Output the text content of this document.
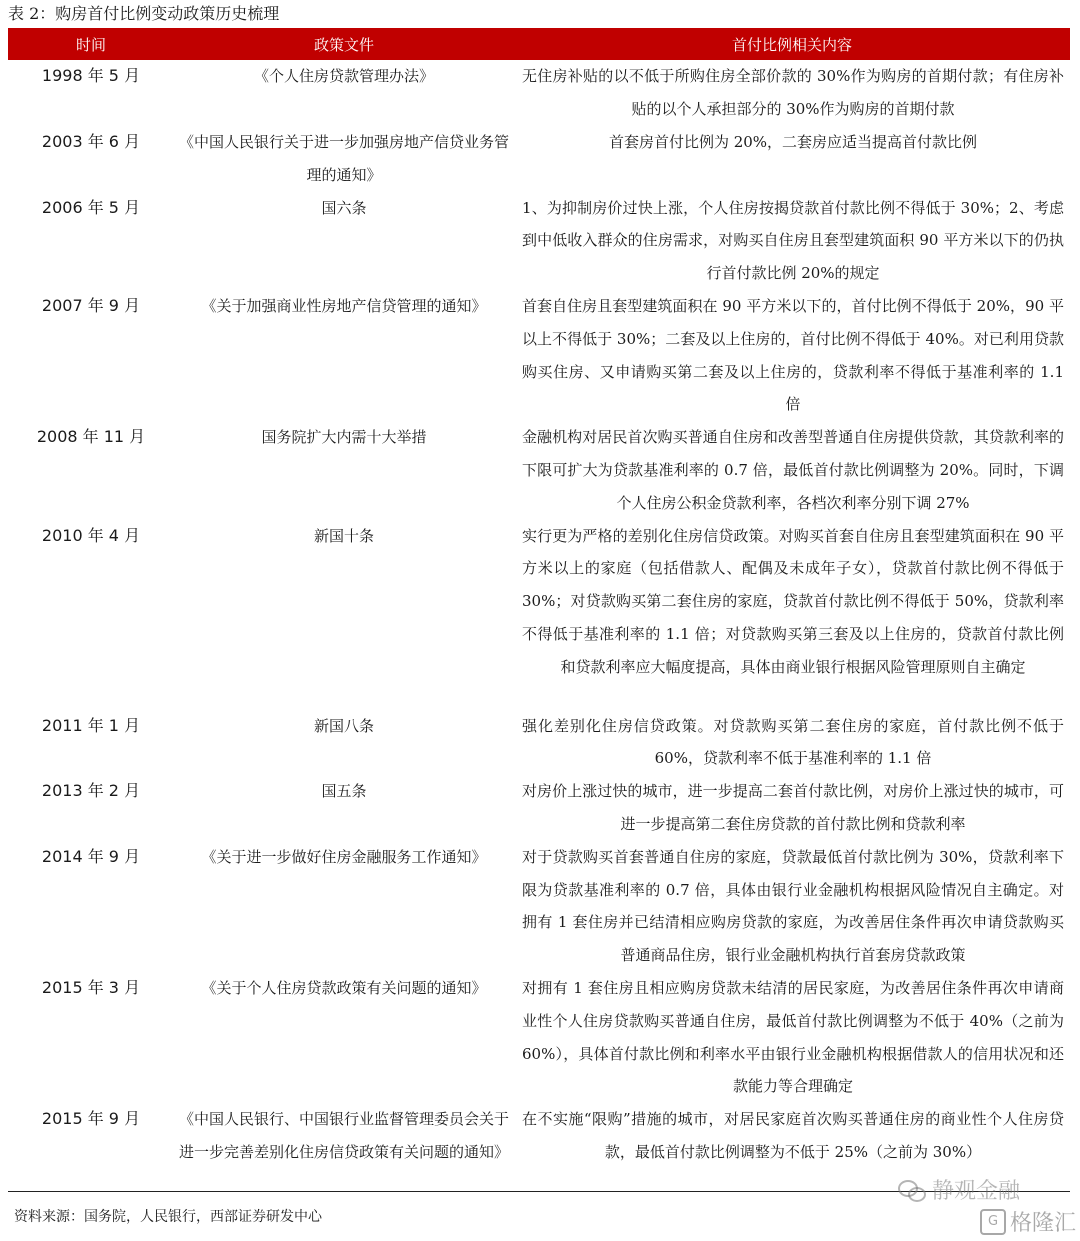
表 2：购房首付比例变动政策历史梳理
时间	政策文件	首付比例相关内容
1998 年 5 月	《个人住房贷款管理办法》	无住房补贴的以不低于所购住房全部价款的 30%作为购房的首期付款；有住房补贴的以个人承担部分的 30%作为购房的首期付款
2003 年 6 月	《中国人民银行关于进一步加强房地产信贷业务管理的通知》	首套房首付比例为 20%，二套房应适当提高首付款比例
2006 年 5 月	国六条	1、为抑制房价过快上涨，个人住房按揭贷款首付款比例不得低于 30%；2、考虑到中低收入群众的住房需求，对购买自住房且套型建筑面积 90 平方米以下的仍执行首付款比例 20%的规定
2007 年 9 月	《关于加强商业性房地产信贷管理的通知》	首套自住房且套型建筑面积在 90 平方米以下的，首付比例不得低于 20%，90 平以上不得低于 30%；二套及以上住房的，首付比例不得低于 40%。对已利用贷款购买住房、又申请购买第二套及以上住房的，贷款利率不得低于基准利率的 1.1 倍
2008 年 11 月	国务院扩大内需十大举措	金融机构对居民首次购买普通自住房和改善型普通自住房提供贷款，其贷款利率的下限可扩大为贷款基准利率的 0.7 倍，最低首付款比例调整为 20%。同时，下调个人住房公积金贷款利率，各档次利率分别下调 27%
2010 年 4 月	新国十条	实行更为严格的差别化住房信贷政策。对购买首套自住房且套型建筑面积在 90 平方米以上的家庭（包括借款人、配偶及未成年子女），贷款首付款比例不得低于 30%；对贷款购买第二套住房的家庭，贷款首付款比例不得低于 50%，贷款利率不得低于基准利率的 1.1 倍；对贷款购买第三套及以上住房的，贷款首付款比例和贷款利率应大幅度提高，具体由商业银行根据风险管理原则自主确定
2011 年 1 月	新国八条	强化差别化住房信贷政策。对贷款购买第二套住房的家庭，首付款比例不低于 60%，贷款利率不低于基准利率的 1.1 倍
2013 年 2 月	国五条	对房价上涨过快的城市，进一步提高二套首付款比例，对房价上涨过快的城市，可进一步提高第二套住房贷款的首付款比例和贷款利率
2014 年 9 月	《关于进一步做好住房金融服务工作通知》	对于贷款购买首套普通自住房的家庭，贷款最低首付款比例为 30%，贷款利率下限为贷款基准利率的 0.7 倍，具体由银行业金融机构根据风险情况自主确定。对拥有 1 套住房并已结清相应购房贷款的家庭，为改善居住条件再次申请贷款购买普通商品住房，银行业金融机构执行首套房贷款政策
2015 年 3 月	《关于个人住房贷款政策有关问题的通知》	对拥有 1 套住房且相应购房贷款未结清的居民家庭，为改善居住条件再次申请商业性个人住房贷款购买普通自住房，最低首付款比例调整为不低于 40%（之前为 60%），具体首付款比例和利率水平由银行业金融机构根据借款人的信用状况和还款能力等合理确定
2015 年 9 月	《中国人民银行、中国银行业监督管理委员会关于进一步完善差别化住房信贷政策有关问题的通知》	在不实施“限购”措施的城市，对居民家庭首次购买普通住房的商业性个人住房贷款，最低首付款比例调整为不低于 25%（之前为 30%）
资料来源：国务院，人民银行，西部证券研发中心
静观金融
G 格隆汇
